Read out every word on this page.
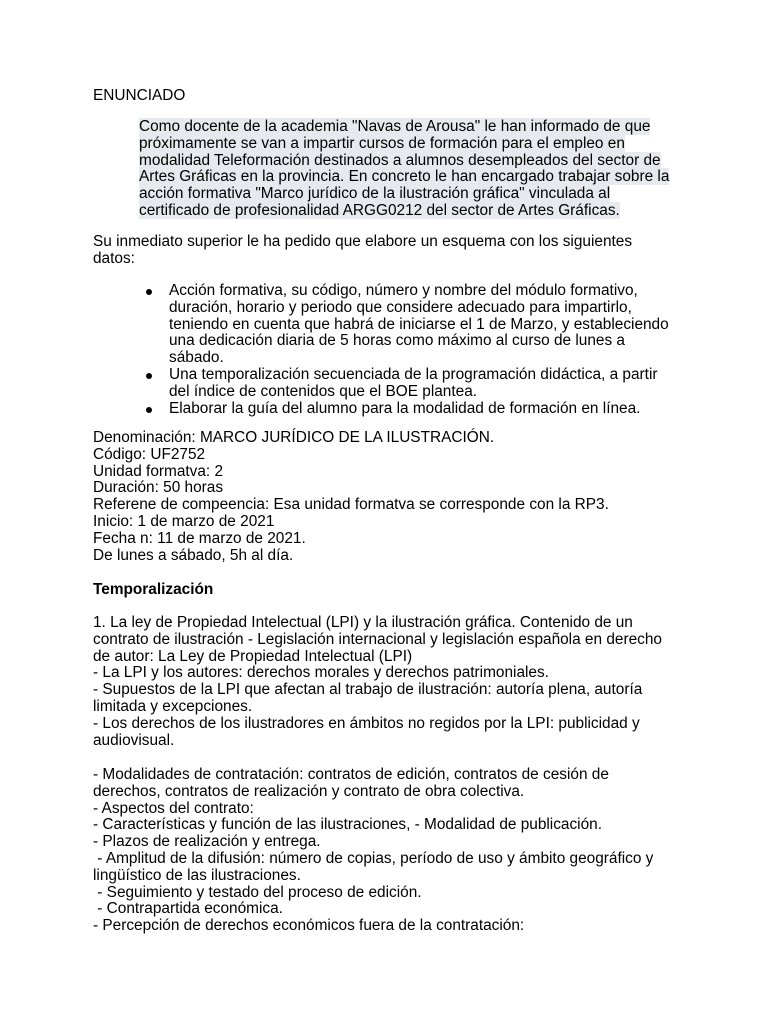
ENUNCIADO
Como docente de la academia "Navas de Arousa" le han informado de que
próximamente se van a impartir cursos de formación para el empleo en
modalidad Teleformación destinados a alumnos desempleados del sector de
Artes Gráficas en la provincia. En concreto le han encargado trabajar sobre la
acción formativa "Marco jurídico de la ilustración gráfica" vinculada al
certificado de profesionalidad ARGG0212 del sector de Artes Gráficas.

Su inmediato superior le ha pedido que elabore un esquema con los siguientes
datos:

Acción formativa, su código, número y nombre del módulo formativo,
duración, horario y periodo que considere adecuado para impartirlo,
teniendo en cuenta que habrá de iniciarse el 1 de Marzo, y estableciendo
una dedicación diaria de 5 horas como máximo al curso de lunes a
sábado.
Una temporalización secuenciada de la programación didáctica, a partir
del índice de contenidos que el BOE plantea.
Elaborar la guía del alumno para la modalidad de formación en línea.
Denominación: MARCO JURÍDICO DE LA ILUSTRACIÓN.
Código: UF2752
Unidad formatva: 2
Duración: 50 horas
Referene de compeencia: Esa unidad formatva se corresponde con la RP3.
Inicio: 1 de marzo de 2021
Fecha n: 11 de marzo de 2021.
De lunes a sábado, 5h al día.
Temporalización
1. La ley de Propiedad Intelectual (LPI) y la ilustración gráfica. Contenido de un
contrato de ilustración - Legislación internacional y legislación española en derecho
de autor: La Ley de Propiedad Intelectual (LPI)
- La LPI y los autores: derechos morales y derechos patrimoniales.
- Supuestos de la LPI que afectan al trabajo de ilustración: autoría plena, autoría
limitada y excepciones.
- Los derechos de los ilustradores en ámbitos no regidos por la LPI: publicidad y
audiovisual.
- Modalidades de contratación: contratos de edición, contratos de cesión de
derechos, contratos de realización y contrato de obra colectiva.
- Aspectos del contrato:
- Características y función de las ilustraciones, - Modalidad de publicación.
- Plazos de realización y entrega.
- Amplitud de la difusión: número de copias, período de uso y ámbito geográfico y
lingüístico de las ilustraciones.
- Seguimiento y testado del proceso de edición.
- Contrapartida económica.
- Percepción de derechos económicos fuera de la contratación:
